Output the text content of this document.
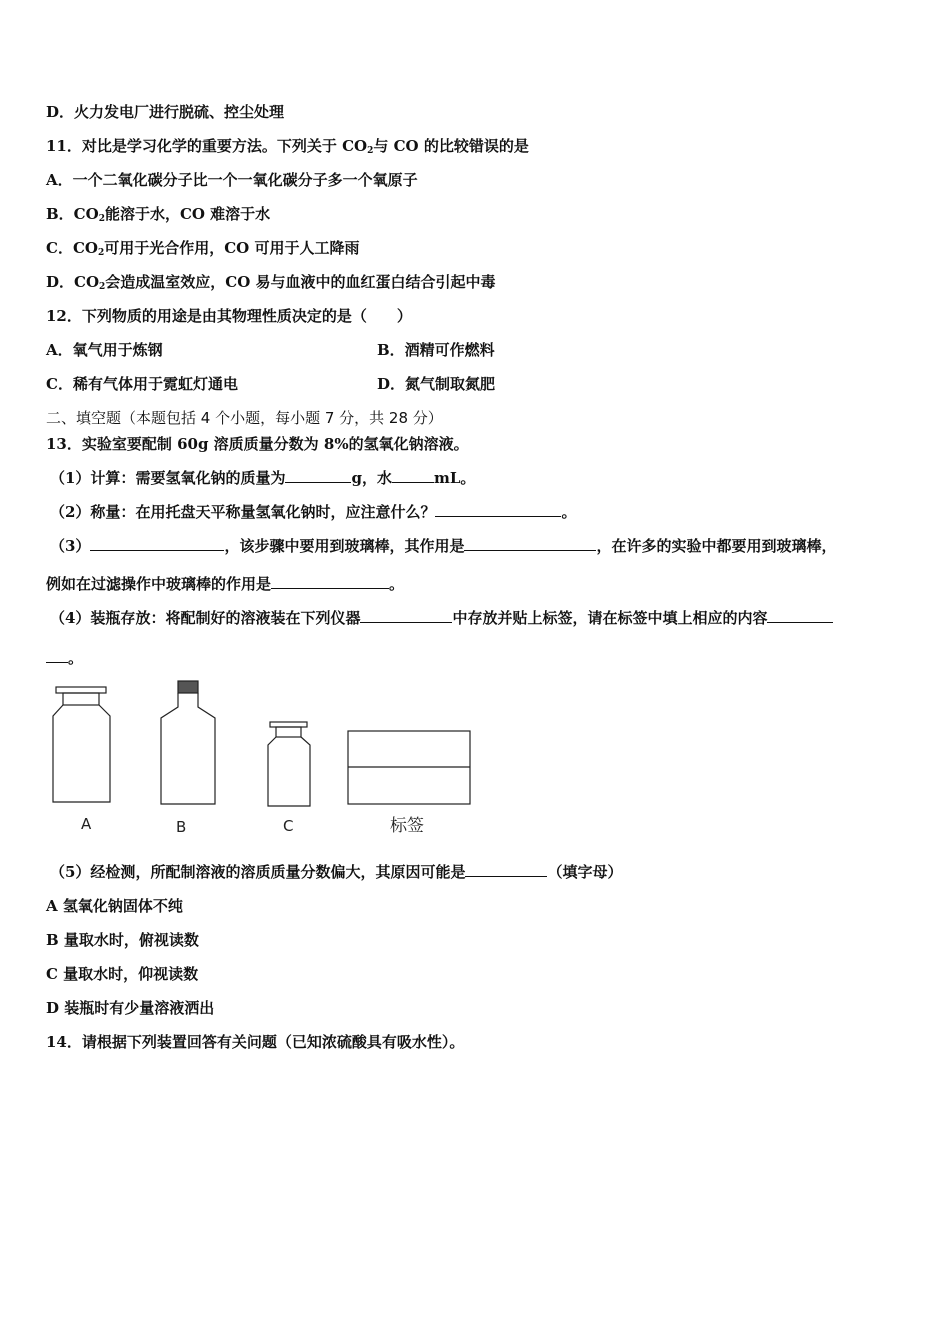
D．火力发电厂进行脱硫、控尘处理
11．对比是学习化学的重要方法。下列关于 $CO_2$与 CO 的比较错误的是
A．一个二氧化碳分子比一个一氧化碳分子多一个氧原子
B．$CO_2$能溶于水，CO 难溶于水
C．$CO_2$可用于光合作用，CO 可用于人工降雨
D．$CO_2$会造成温室效应，CO 易与血液中的血红蛋白结合引起中毒
12．下列物质的用途是由其物理性质决定的是（　　）
A．氧气用于炼钢	B．酒精可作燃料
C．稀有气体用于霓虹灯通电	D．氮气制取氮肥
二、填空题（本题包括 4 个小题，每小题 7 分，共 28 分）
13．实验室要配制 60g 溶质质量分数为 8%的氢氧化钠溶液。
（1）计算：需要氢氧化钠的质量为	g，水	mL。
（2）称量：在用托盘天平称量氢氧化钠时，应注意什么？	。
（3）	，该步骤中要用到玻璃棒，其作用是	，在许多的实验中都要用到玻璃棒，
例如在过滤操作中玻璃棒的作用是	。
（4）装瓶存放：将配制好的溶液装在下列仪器	中存放并贴上标签，请在标签中填上相应的内容
。
A	B	C	标签
（5）经检测，所配制溶液的溶质质量分数偏大，其原因可能是	（填字母）
A 氢氧化钠固体不纯
B 量取水时，俯视读数
C 量取水时，仰视读数
D 装瓶时有少量溶液洒出
14．请根据下列装置回答有关问题（已知浓硫酸具有吸水性）。
